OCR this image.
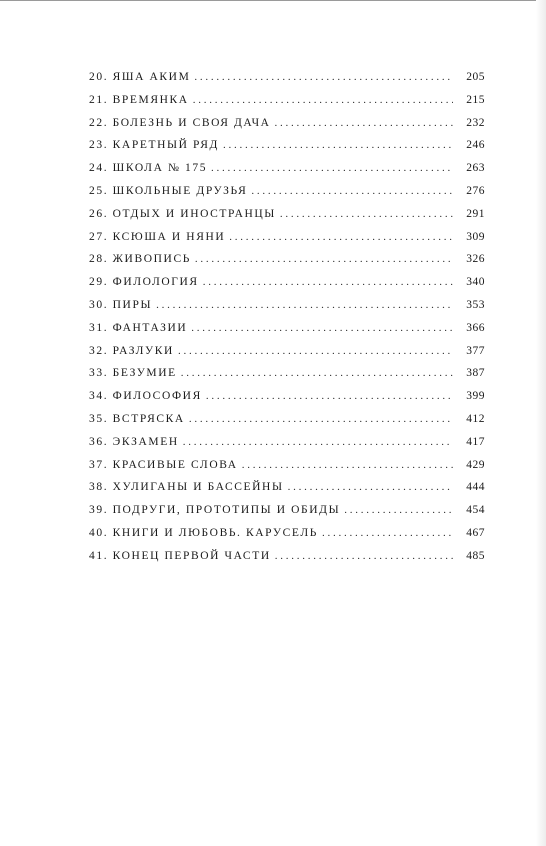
20. ЯША АКИМ . . .	205
21. ВРЕМЯНКА . . .	215
22. БОЛЕЗНЬ И СВОЯ ДАЧА . . .	232
23. КАРЕТНЫЙ РЯД . . .	246
24. ШКОЛА № 175 . . .	263
25. ШКОЛЬНЫЕ ДРУЗЬЯ . . .	276
26. ОТДЫХ И ИНОСТРАНЦЫ . . .	291
27. КСЮША И НЯНИ . . .	309
28. ЖИВОПИСЬ . . .	326
29. ФИЛОЛОГИЯ . . .	340
30. ПИРЫ . . .	353
31. ФАНТАЗИИ . . .	366
32. РАЗЛУКИ . . .	377
33. БЕЗУМИЕ . . .	387
34. ФИЛОСОФИЯ . . .	399
35. ВСТРЯСКА . . .	412
36. ЭКЗАМЕН . . .	417
37. КРАСИВЫЕ СЛОВА . . .	429
38. ХУЛИГАНЫ И БАССЕЙНЫ . . .	444
39. ПОДРУГИ, ПРОТОТИПЫ И ОБИДЫ . . .	454
40. КНИГИ И ЛЮБОВЬ. КАРУСЕЛЬ . . .	467
41. КОНЕЦ ПЕРВОЙ ЧАСТИ . . .	485
